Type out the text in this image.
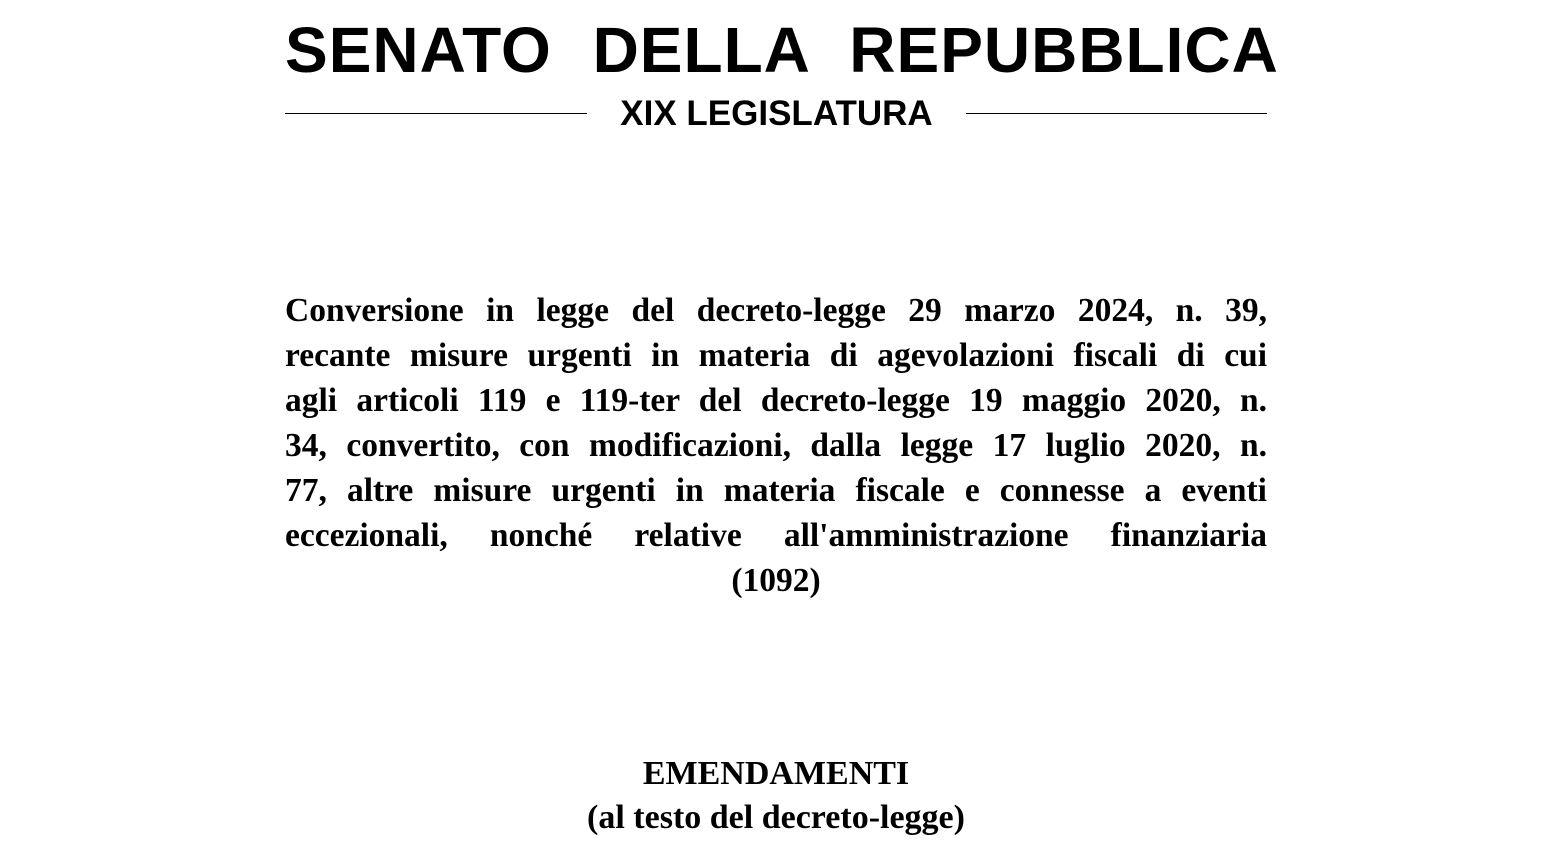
SENATO DELLA REPUBBLICA
XIX LEGISLATURA
Conversione in legge del decreto-legge 29 marzo 2024, n. 39,
recante misure urgenti in materia di agevolazioni fiscali di cui
agli articoli 119 e 119-ter del decreto-legge 19 maggio 2020, n.
34, convertito, con modificazioni, dalla legge 17 luglio 2020, n.
77, altre misure urgenti in materia fiscale e connesse a eventi
eccezionali, nonché relative all'amministrazione finanziaria
(1092)
EMENDAMENTI
(al testo del decreto-legge)
